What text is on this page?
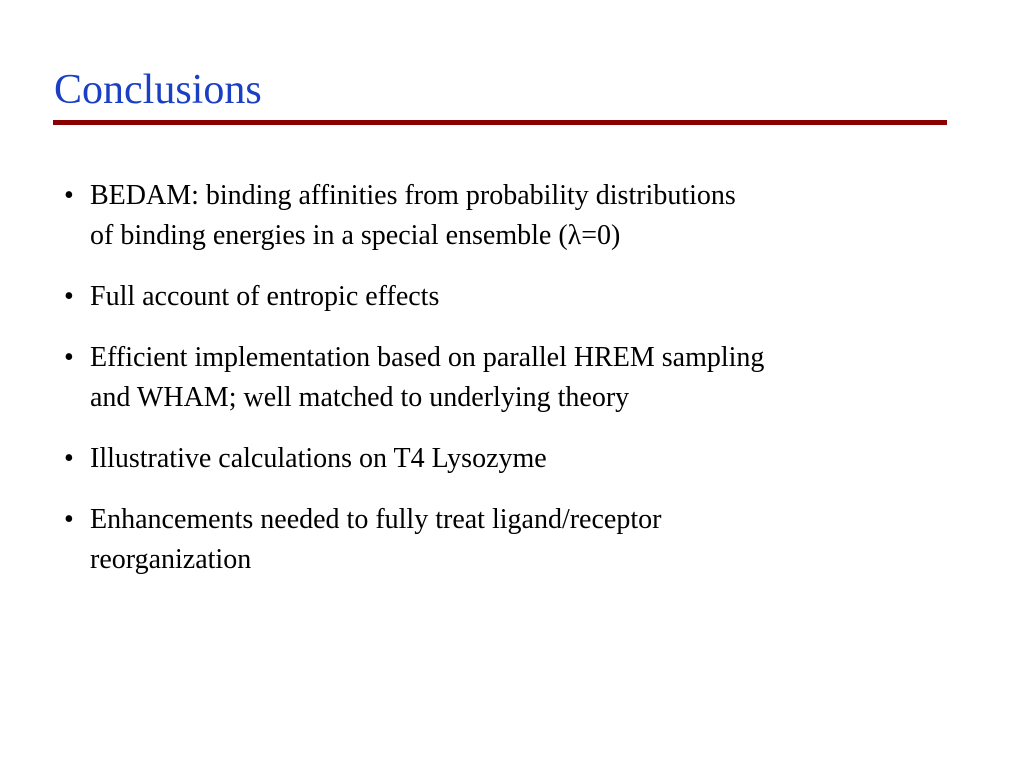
Conclusions
• BEDAM: binding affinities from probability distributions
of binding energies in a special ensemble (λ=0)
• Full account of entropic effects
• Efficient implementation based on parallel HREM sampling
and WHAM; well matched to underlying theory
• Illustrative calculations on T4 Lysozyme
• Enhancements needed to fully treat ligand/receptor
reorganization
